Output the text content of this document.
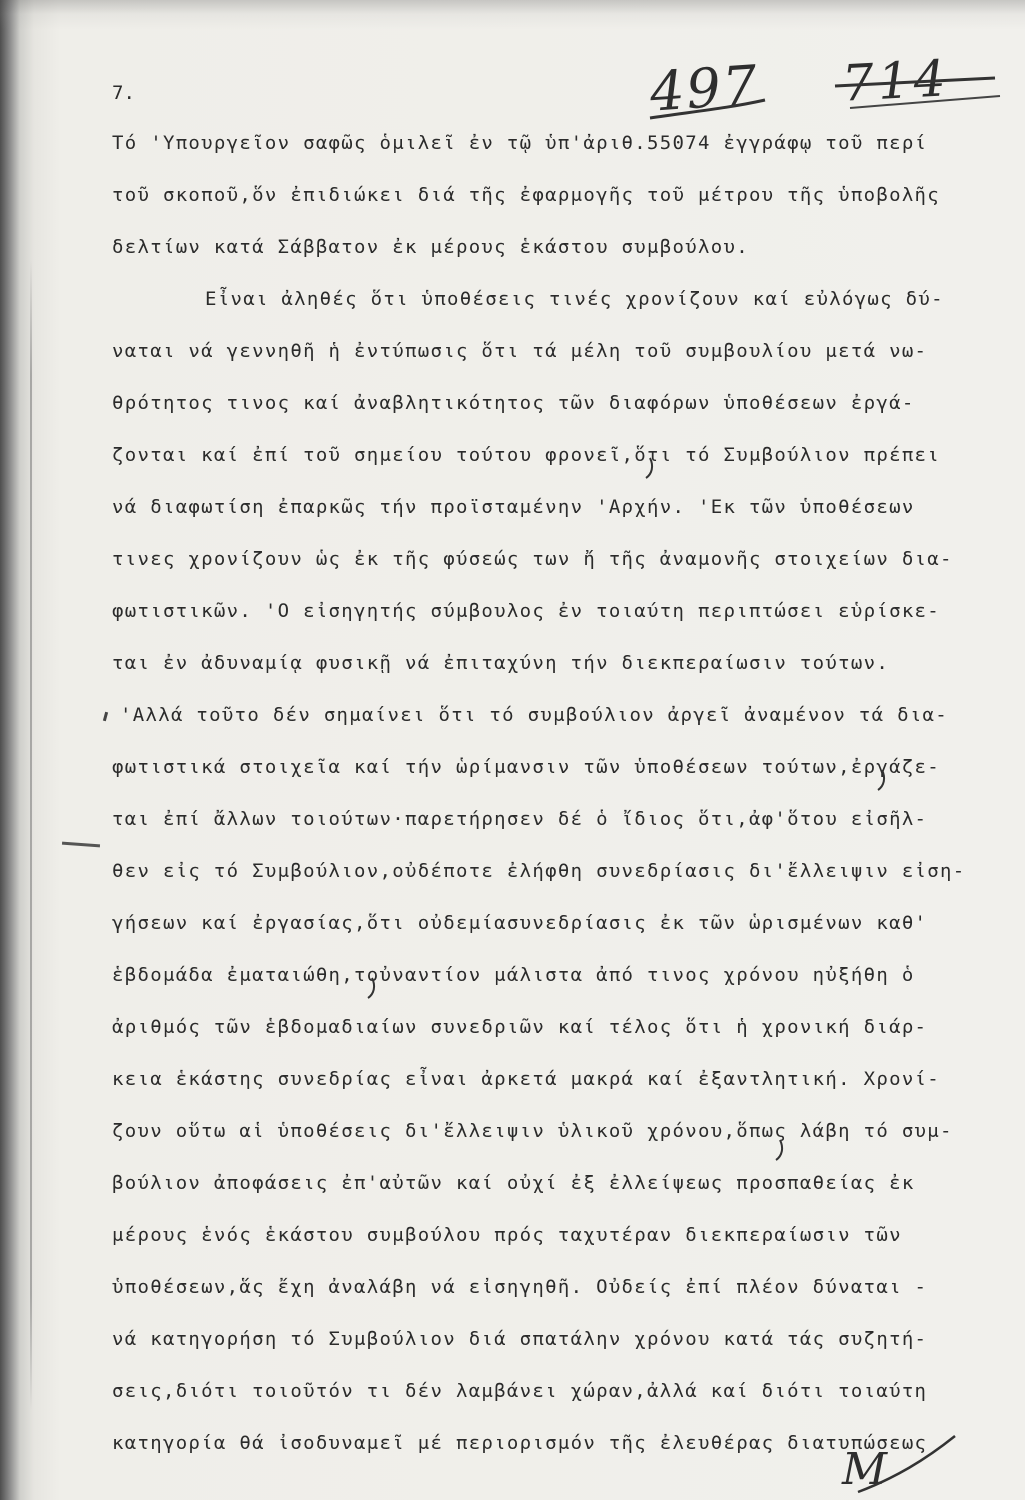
7.	497 714
Τό 'Υπουργεῖον σαφῶς ὁμιλεῖ ἐν τῷ ὑπ'ἀριθ.55074 ἐγγράφῳ τοῦ περί
τοῦ σκοποῦ,ὅν ἐπιδιώκει διά τῆς ἐφαρμογῆς τοῦ μέτρου τῆς ὑποβολῆς
δελτίων κατά Σάββατον ἐκ μέρους ἑκάστου συμβούλου.
Εἶναι ἀληθές ὅτι ὑποθέσεις τινές χρονίζουν καί εὐλόγως δύ-
ναται νά γεννηθῆ ἡ ἐντύπωσις ὅτι τά μέλη τοῦ συμβουλίου μετά νω-
θρότητος τινος καί ἀναβλητικότητος τῶν διαφόρων ὑποθέσεων ἐργά-
ζονται καί ἐπί τοῦ σημείου τούτου φρονεῖ,ὅτι τό Συμβούλιον πρέπει
νά διαφωτίση ἐπαρκῶς τήν προϊσταμένην 'Αρχήν. 'Εκ τῶν ὑποθέσεων
τινες χρονίζουν ὡς ἐκ τῆς φύσεώς των ἤ τῆς ἀναμονῆς στοιχείων δια-
φωτιστικῶν. 'Ο εἰσηγητής σύμβουλος ἐν τοιαύτη περιπτώσει εὑρίσκε-
ται ἐν ἀδυναμίᾳ φυσικῇ νά ἐπιταχύνη τήν διεκπεραίωσιν τούτων.
'Αλλά τοῦτο δέν σημαίνει ὅτι τό συμβούλιον ἀργεῖ ἀναμένον τά δια-
φωτιστικά στοιχεῖα καί τήν ὡρίμανσιν τῶν ὑποθέσεων τούτων,ἐργάζε-
ται ἐπί ἄλλων τοιούτων·παρετήρησεν δέ ὁ ἴδιος ὅτι,ἀφ'ὅτου εἰσῆλ-
θεν εἰς τό Συμβούλιον,οὐδέποτε ἐλήφθη συνεδρίασις δι'ἔλλειψιν εἰση-
γήσεων καί ἐργασίας,ὅτι οὐδεμίασυνεδρίασις ἐκ τῶν ὡρισμένων καθ'
ἑβδομάδα ἐματαιώθη,τοὐναντίον μάλιστα ἀπό τινος χρόνου ηὐξήθη ὁ
ἀριθμός τῶν ἑβδομαδιαίων συνεδριῶν καί τέλος ὅτι ἡ χρονική διάρ-
κεια ἑκάστης συνεδρίας εἶναι ἀρκετά μακρά καί ἐξαντλητική. Χρονί-
ζουν οὕτω αἱ ὑποθέσεις δι'ἔλλειψιν ὑλικοῦ χρόνου,ὅπως λάβη τό συμ-
βούλιον ἀποφάσεις ἐπ'αὐτῶν καί οὐχί ἐξ ἐλλείψεως προσπαθείας ἐκ
μέρους ἑνός ἑκάστου συμβούλου πρός ταχυτέραν διεκπεραίωσιν τῶν
ὑποθέσεων,ἅς ἔχη ἀναλάβη νά εἰσηγηθῆ. Οὐδείς ἐπί πλέον δύναται -
νά κατηγορήση τό Συμβούλιον διά σπατάλην χρόνου κατά τάς συζητή-
σεις,διότι τοιοῦτόν τι δέν λαμβάνει χώραν,ἀλλά καί διότι τοιαύτη
κατηγορία θά ἰσοδυναμεῖ μέ περιορισμόν τῆς ἐλευθέρας διατυπώσεως
M
